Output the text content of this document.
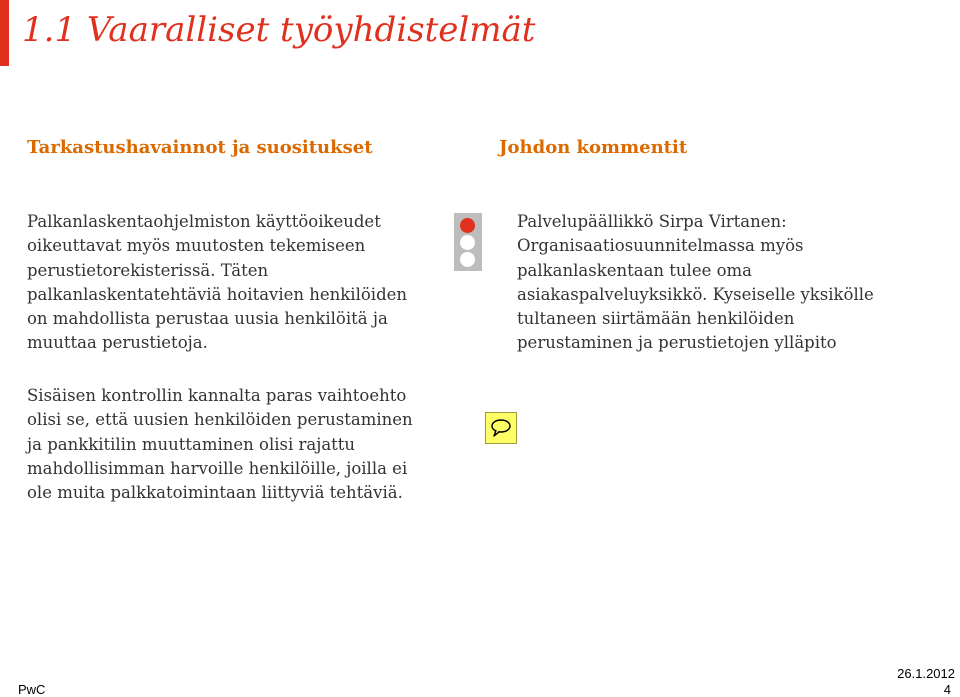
1.1 Vaaralliset työyhdistelmät
Tarkastushavainnot ja suositukset	Johdon kommentit

Palkanlaskentaohjelmiston käyttöoikeudet
oikeuttavat myös muutosten tekemiseen
perustietorekisterissä. Täten
palkanlaskentatehtäviä hoitavien henkilöiden
on mahdollista perustaa uusia henkilöitä ja
muuttaa perustietoja.

Sisäisen kontrollin kannalta paras vaihtoehto
olisi se, että uusien henkilöiden perustaminen
ja pankkitilin muuttaminen olisi rajattu
mahdollisimman harvoille henkilöille, joilla ei
ole muita palkkatoimintaan liittyviä tehtäviä.

Palvelupäällikkö Sirpa Virtanen:
Organisaatiosuunnitelmassa myös
palkanlaskentaan tulee oma
asiakaspalveluyksikkö. Kyseiselle yksikölle
tultaneen siirtämään henkilöiden
perustaminen ja perustietojen ylläpito

PwC
26.1.2012
4
